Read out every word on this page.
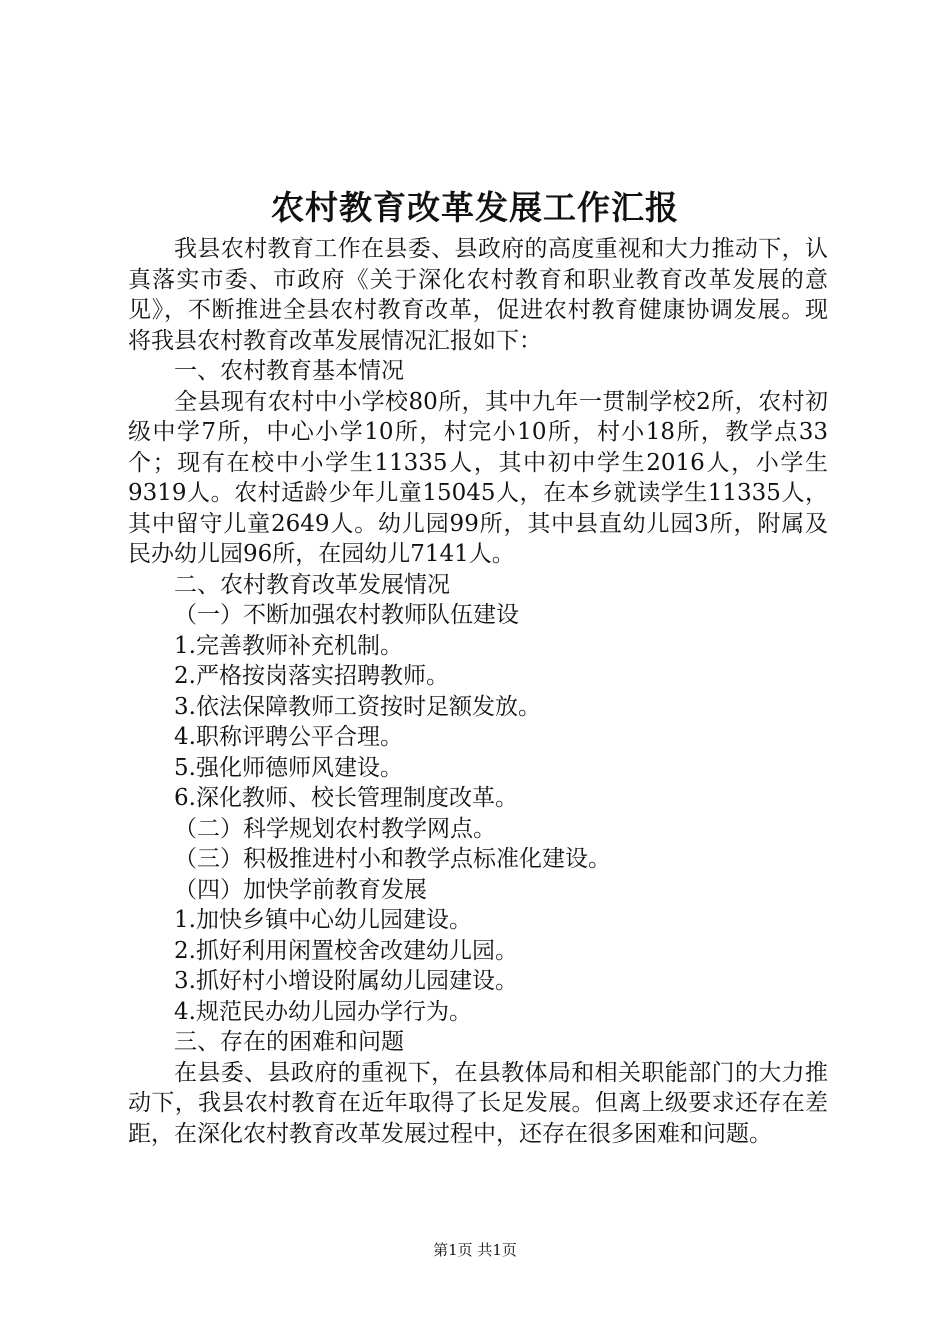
农村教育改革发展工作汇报

我县农村教育工作在县委、县政府的高度重视和大力推动下，认真落实市委、市政府《关于深化农村教育和职业教育改革发展的意见》，不断推进全县农村教育改革，促进农村教育健康协调发展。现将我县农村教育改革发展情况汇报如下：

一、农村教育基本情况

全县现有农村中小学校80所，其中九年一贯制学校2所，农村初级中学7所，中心小学10所，村完小10所，村小18所，教学点33个；现有在校中小学生11335人，其中初中学生2016人，小学生9319人。农村适龄少年儿童15045人，在本乡就读学生11335人，其中留守儿童2649人。幼儿园99所，其中县直幼儿园3所，附属及民办幼儿园96所，在园幼儿7141人。

二、农村教育改革发展情况

（一）不断加强农村教师队伍建设

1.完善教师补充机制。

2.严格按岗落实招聘教师。

3.依法保障教师工资按时足额发放。

4.职称评聘公平合理。

5.强化师德师风建设。

6.深化教师、校长管理制度改革。

（二）科学规划农村教学网点。

（三）积极推进村小和教学点标准化建设。

（四）加快学前教育发展

1.加快乡镇中心幼儿园建设。

2.抓好利用闲置校舍改建幼儿园。

3.抓好村小增设附属幼儿园建设。

4.规范民办幼儿园办学行为。

三、存在的困难和问题

在县委、县政府的重视下，在县教体局和相关职能部门的大力推动下，我县农村教育在近年取得了长足发展。但离上级要求还存在差距，在深化农村教育改革发展过程中，还存在很多困难和问题。

第1页 共1页
